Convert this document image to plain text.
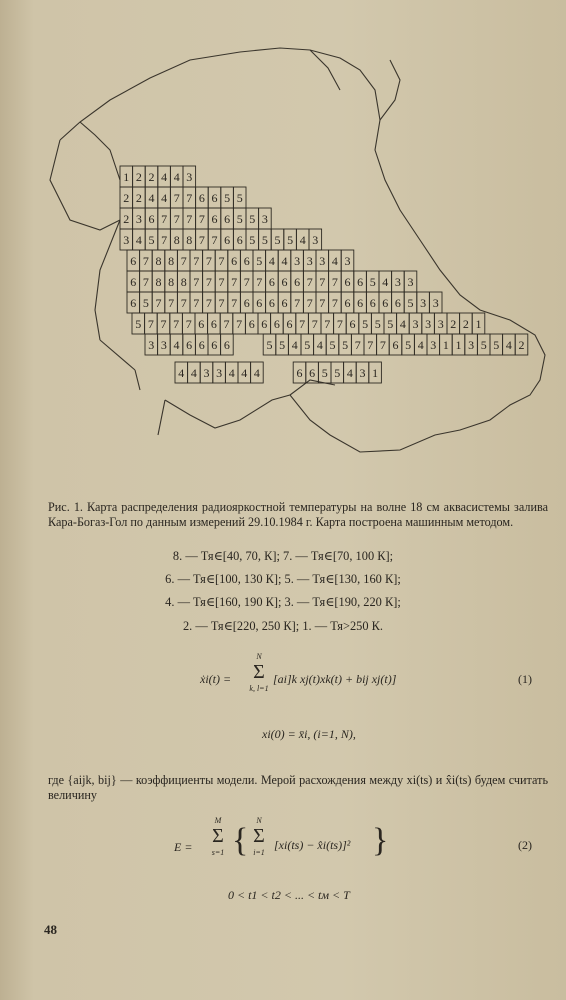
1 2 2 4 4 3
2 2 4 4 7 7 6 6 5 5
2 3 6 7 7 7 7 6 6 5 5 3
3 4 5 7 8 8 7 7 6 6 5 5 5 5 4 3
6 7 8 8 7 7 7 7 6 6 5 4 4 3 3 3 4 3
6 7 8 8 8 7 7 7 7 7 7 6 6 6 7 7 7 6 6 5 4 3 3
6 5 7 7 7 7 7 7 7 6 6 6 6 7 7 7 7 6 6 6 6 6 5 3 3
5 7 7 7 7 6 6 7 7 6 6 6 6 7 7 7 7 6 5 5 5 4 3 3 3 2 2 1
3 3 4 6 6 6 6	5 5 4 5 4 5 5 7 7 7 6 5 4 3 1 1 3 5 5 4 2
4 4 3 3 4 4 4	6 6 5 5 4 3 1
Рис. 1. Карта распределения радиояркостной температуры на волне 18 см аквасистемы залива Кара-Богаз-Гол по данным измерений 29.10.1984 г. Карта построена машинным методом.
8. — Тя∈[40, 70, К]; 7. — Тя∈[70, 100 К];
6. — Тя∈[100, 130 К]; 5. — Тя∈[130, 160 К];
4. — Тя∈[160, 190 К]; 3. — Тя∈[190, 220 К];
2. — Тя∈[220, 250 К]; 1. — Тя>250 К.
ẋi(t) =
N
Σ
k, l=1
[ai]k xj(t)xk(t) + bij xj(t)]	(1)
xi(0) = x̄i, (i=1, N),
где {aijk, bij} — коэффициенты модели. Мерой расхождения между xi(ts) и x̂i(ts) будем считать величину
E =
M
Σ
s=1 {
N
Σ
i=1
[xi(ts) − x̂i(ts)]² }	(2)
0 < t1 < t2 < ... < tм < T
48
